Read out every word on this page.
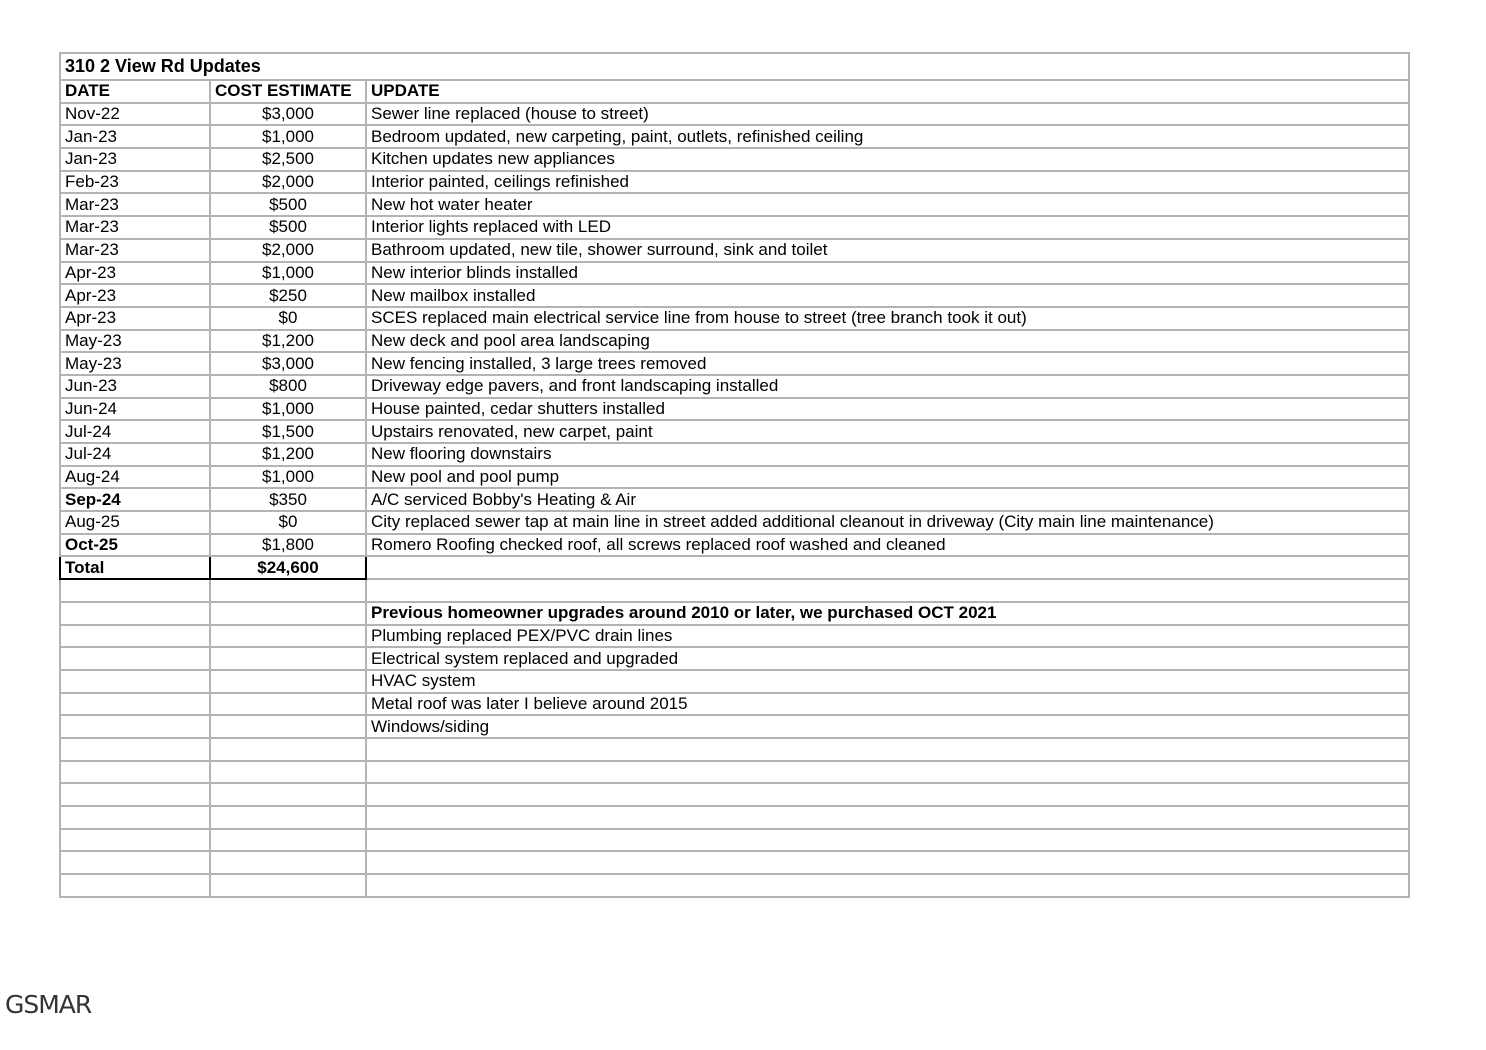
310 2 View Rd Updates
DATE	COST ESTIMATE	UPDATE
Nov-22	$3,000	Sewer line replaced (house to street)
Jan-23	$1,000	Bedroom updated, new carpeting, paint, outlets, refinished ceiling
Jan-23	$2,500	Kitchen updates new appliances
Feb-23	$2,000	Interior painted, ceilings refinished
Mar-23	$500	New hot water heater
Mar-23	$500	Interior lights replaced with LED
Mar-23	$2,000	Bathroom updated, new tile, shower surround, sink and toilet
Apr-23	$1,000	New interior blinds installed
Apr-23	$250	New mailbox installed
Apr-23	$0	SCES replaced main electrical service line from house to street (tree branch took it out)
May-23	$1,200	New deck and pool area landscaping
May-23	$3,000	New fencing installed, 3 large trees removed
Jun-23	$800	Driveway edge pavers, and front landscaping installed
Jun-24	$1,000	House painted, cedar shutters installed
Jul-24	$1,500	Upstairs renovated, new carpet, paint
Jul-24	$1,200	New flooring downstairs
Aug-24	$1,000	New pool and pool pump
Sep-24	$350	A/C serviced Bobby's Heating & Air
Aug-25	$0	City replaced sewer tap at main line in street added additional cleanout in driveway (City main line maintenance)
Oct-25	$1,800	Romero Roofing checked roof, all screws replaced roof washed and cleaned
Total	$24,600	

		Previous homeowner upgrades around 2010 or later, we purchased OCT 2021
		Plumbing replaced PEX/PVC drain lines
		Electrical system replaced and upgraded
		HVAC system
		Metal roof was later I believe around 2015
		Windows/siding

GSMAR
